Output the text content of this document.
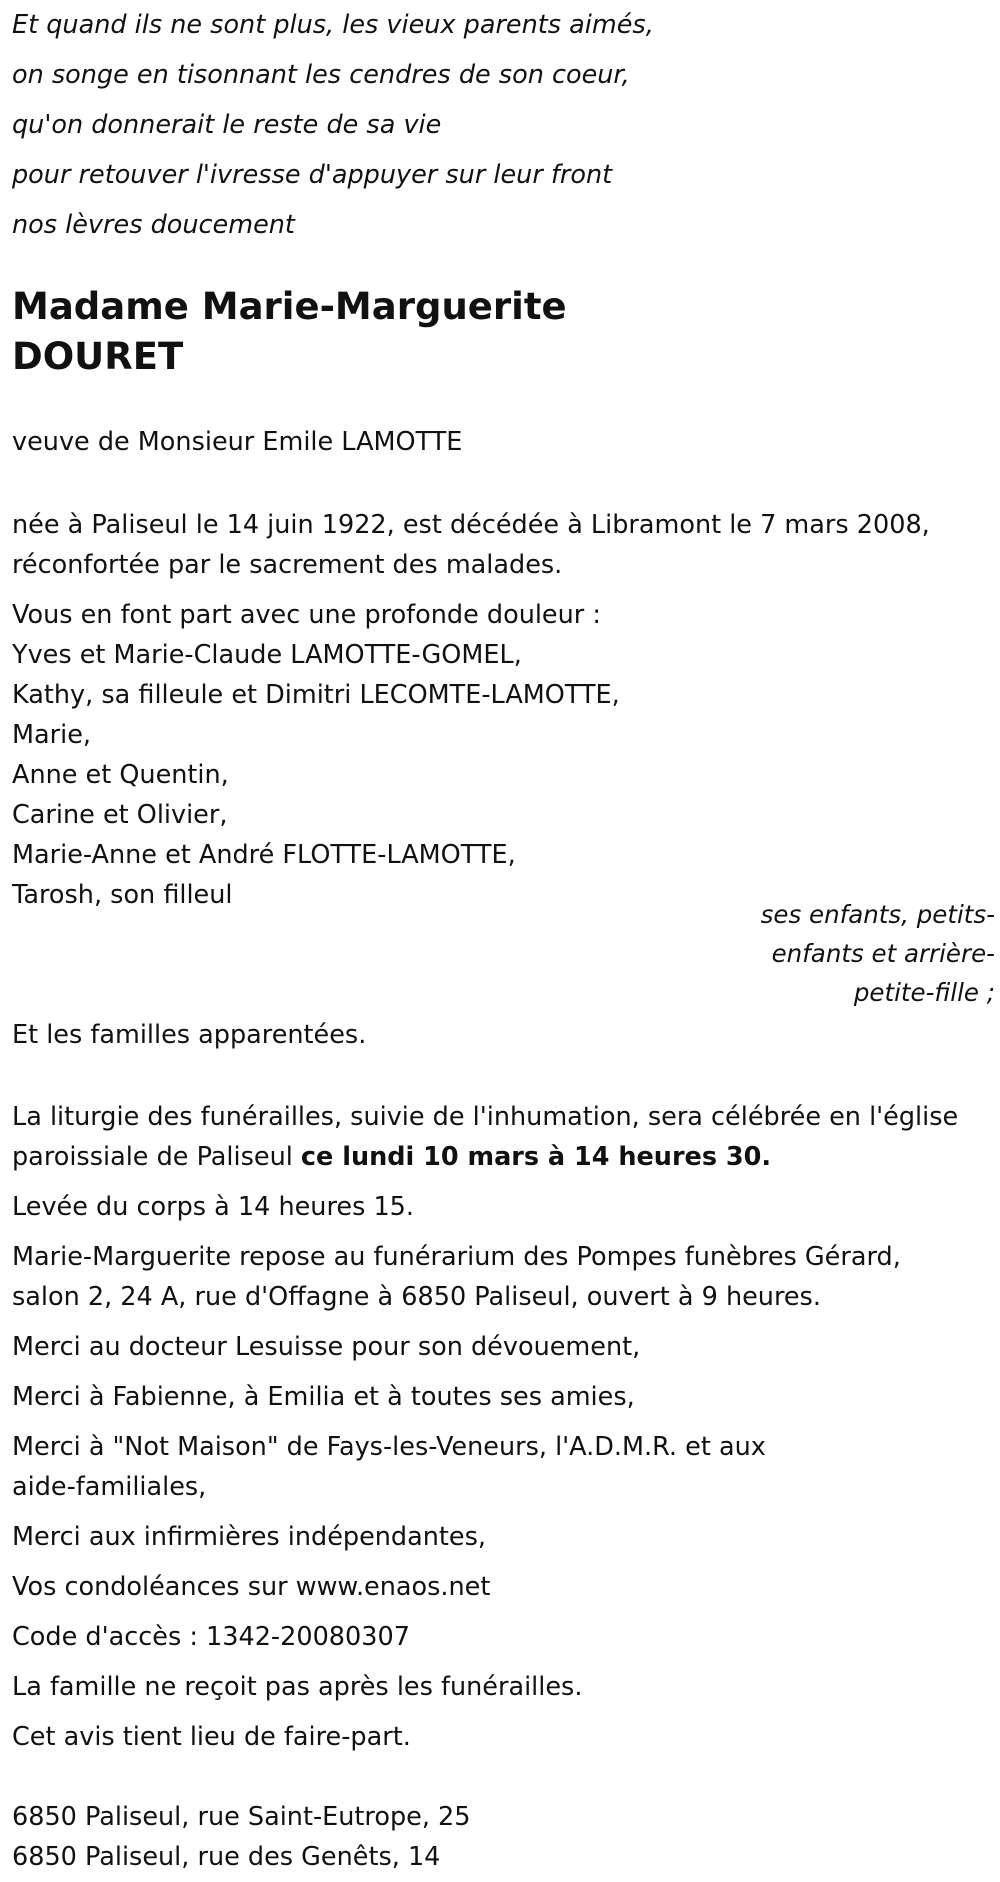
Et quand ils ne sont plus, les vieux parents aimés,

on songe en tisonnant les cendres de son coeur,

qu'on donnerait le reste de sa vie

pour retouver l'ivresse d'appuyer sur leur front

nos lèvres doucement

Madame Marie-Marguerite
DOURET

veuve de Monsieur Emile LAMOTTE

née à Paliseul le 14 juin 1922, est décédée à Libramont le 7 mars 2008,

réconfortée par le sacrement des malades.

Vous en font part avec une profonde douleur :

Yves et Marie-Claude LAMOTTE-GOMEL,

Kathy, sa filleule et Dimitri LECOMTE-LAMOTTE,

Marie,

Anne et Quentin,

Carine et Olivier,

Marie-Anne et André FLOTTE-LAMOTTE,

Tarosh, son filleul

ses enfants, petits-
enfants et arrière-
petite-fille ;

Et les familles apparentées.

La liturgie des funérailles, suivie de l'inhumation, sera célébrée en l'église

paroissiale de Paliseul ce lundi 10 mars à 14 heures 30.

Levée du corps à 14 heures 15.

Marie-Marguerite repose au funérarium des Pompes funèbres Gérard,

salon 2, 24 A, rue d'Offagne à 6850 Paliseul, ouvert à 9 heures.

Merci au docteur Lesuisse pour son dévouement,

Merci à Fabienne, à Emilia et à toutes ses amies,

Merci à "Not Maison" de Fays-les-Veneurs, l'A.D.M.R. et aux

aide-familiales,

Merci aux infirmières indépendantes,

Vos condoléances sur www.enaos.net

Code d'accès : 1342-20080307

La famille ne reçoit pas après les funérailles.

Cet avis tient lieu de faire-part.

6850 Paliseul, rue Saint-Eutrope, 25

6850 Paliseul, rue des Genêts, 14
